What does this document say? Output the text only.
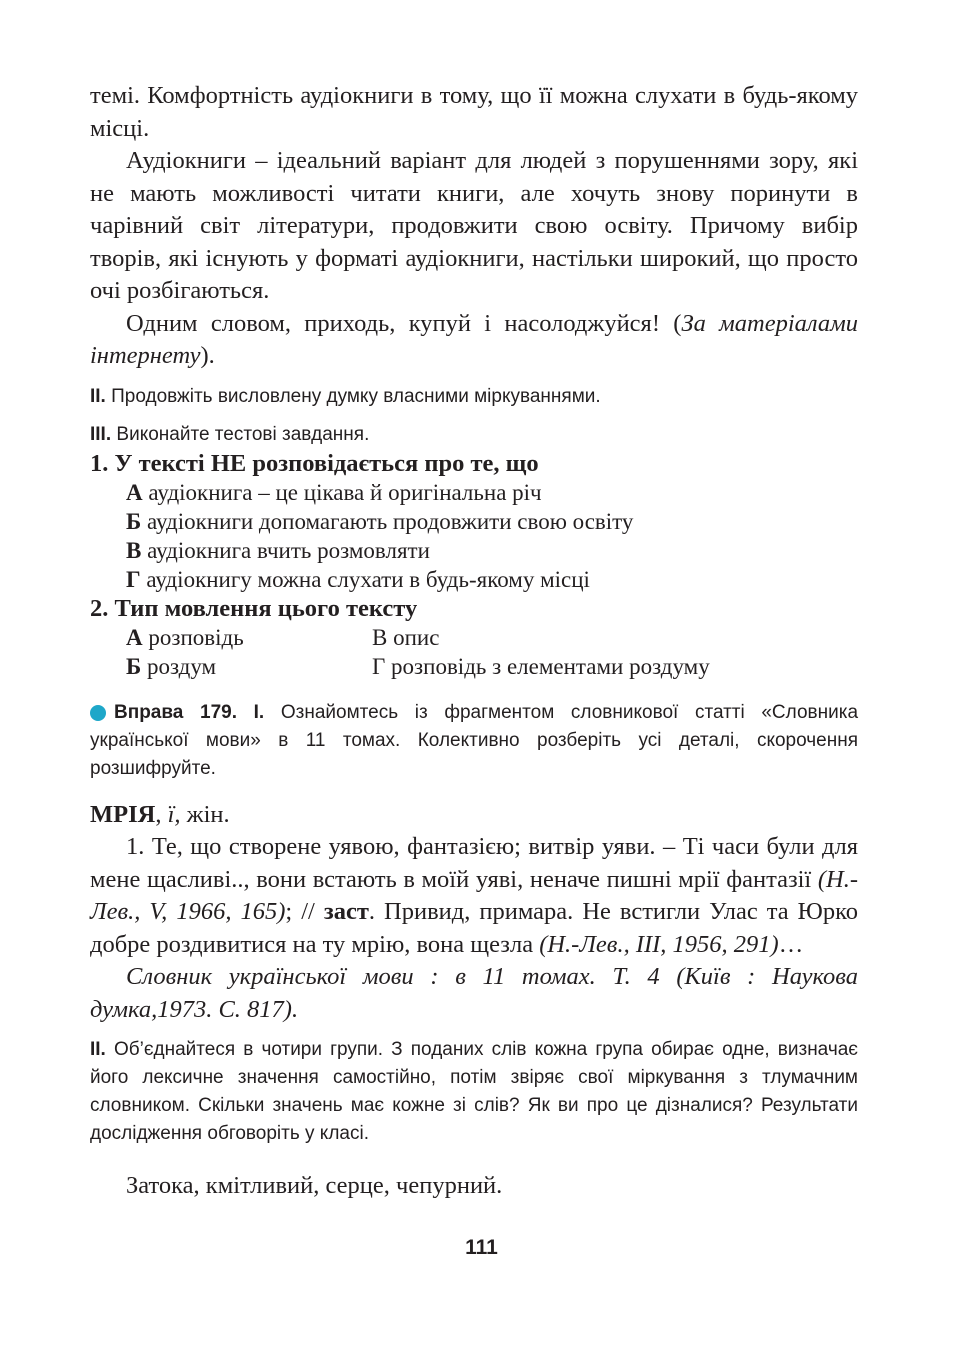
темі. Комфортність аудіокниги в тому, що її можна слухати в будь-якому місці.

Аудіокниги – ідеальний варіант для людей з порушеннями зору, які не мають можливості читати книги, але хочуть знову поринути в чарівний світ літератури, продовжити свою освіту. Причому вибір творів, які існують у форматі аудіокниги, настільки широкий, що просто очі розбігаються.

Одним словом, приходь, купуй і насолоджуйся! (За матеріалами інтернету).

II. Продовжіть висловлену думку власними міркуваннями.

III. Виконайте тестові завдання.

1. У тексті НЕ розповідається про те, що

А аудіокнига – це цікава й оригінальна річ
Б аудіокниги допомагають продовжити свою освіту
В аудіокнига вчить розмовляти
Г аудіокнигу можна слухати в будь-якому місці

2. Тип мовлення цього тексту

А розповідь	В опис
Б роздум	Г розповідь з елементами роздуму

Вправа 179. I. Ознайомтесь із фрагментом словникової статті «Словника української мови» в 11 томах. Колективно розберіть усі деталі, скорочення розшифруйте.

МРІЯ, ї, жін.

1. Те, що створене уявою, фантазією; витвір уяви. – Ті часи були для мене щасливі.., вони встають в моїй уяві, неначе пишні мрії фантазії (Н.-Лев., V, 1966, 165); // заст. Привид, примара. Не встигли Улас та Юрко добре роздивитися на ту мрію, вона щезла (Н.-Лев., III, 1956, 291)…

Словник української мови : в 11 томах. Т. 4 (Київ : Наукова думка,1973. С. 817).

II. Об’єднайтеся в чотири групи. З поданих слів кожна група обирає одне, визначає його лексичне значення самостійно, потім звіряє свої міркування з тлумачним словником. Скільки значень має кожне зі слів? Як ви про це дізналися? Результати дослідження обговоріть у класі.

Затока, кмітливий, серце, чепурний.

111
